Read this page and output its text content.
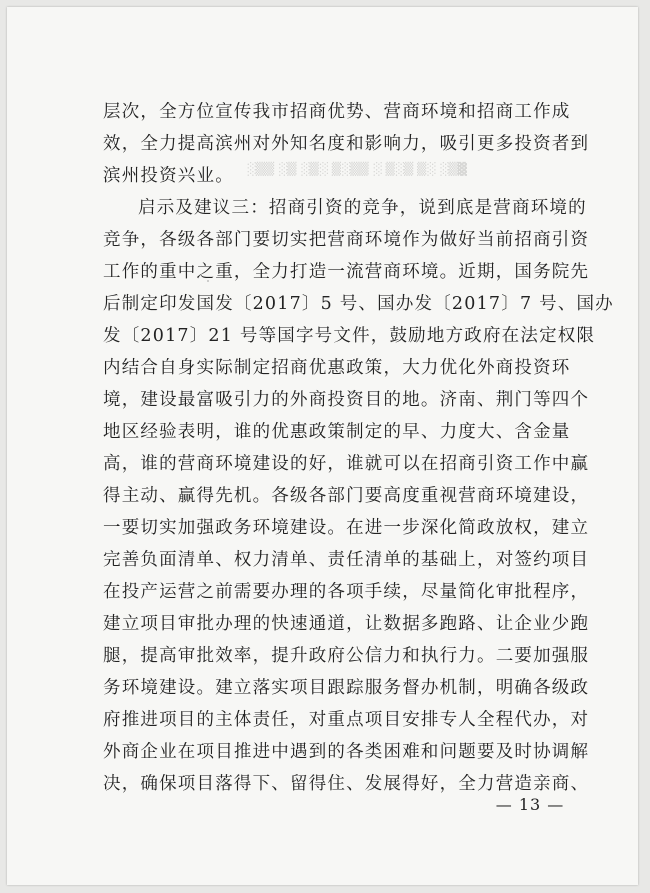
▓▒░ ░▒ ▒░▒ ░ ▒▒░▒ ░▒░ ▒░ ▒▒░
层次，全方位宣传我市招商优势、营商环境和招商工作成
效，全力提高滨州对外知名度和影响力，吸引更多投资者到
滨州投资兴业。
启示及建议三：招商引资的竞争，说到底是营商环境的
竞争，各级各部门要切实把营商环境作为做好当前招商引资
工作的重中之重，全力打造一流营商环境。近期，国务院先
后制定印发国发〔2017〕5 号、国办发〔2017〕7 号、国办
发〔2017〕21 号等国字号文件，鼓励地方政府在法定权限
内结合自身实际制定招商优惠政策，大力优化外商投资环
境，建设最富吸引力的外商投资目的地。济南、荆门等四个
地区经验表明，谁的优惠政策制定的早、力度大、含金量
高，谁的营商环境建设的好，谁就可以在招商引资工作中赢
得主动、赢得先机。各级各部门要高度重视营商环境建设，
一要切实加强政务环境建设。在进一步深化简政放权，建立
完善负面清单、权力清单、责任清单的基础上，对签约项目
在投产运营之前需要办理的各项手续，尽量简化审批程序，
建立项目审批办理的快速通道，让数据多跑路、让企业少跑
腿，提高审批效率，提升政府公信力和执行力。二要加强服
务环境建设。建立落实项目跟踪服务督办机制，明确各级政
府推进项目的主体责任，对重点项目安排专人全程代办，对
外商企业在项目推进中遇到的各类困难和问题要及时协调解
决，确保项目落得下、留得住、发展得好，全力营造亲商、
— 13 —
